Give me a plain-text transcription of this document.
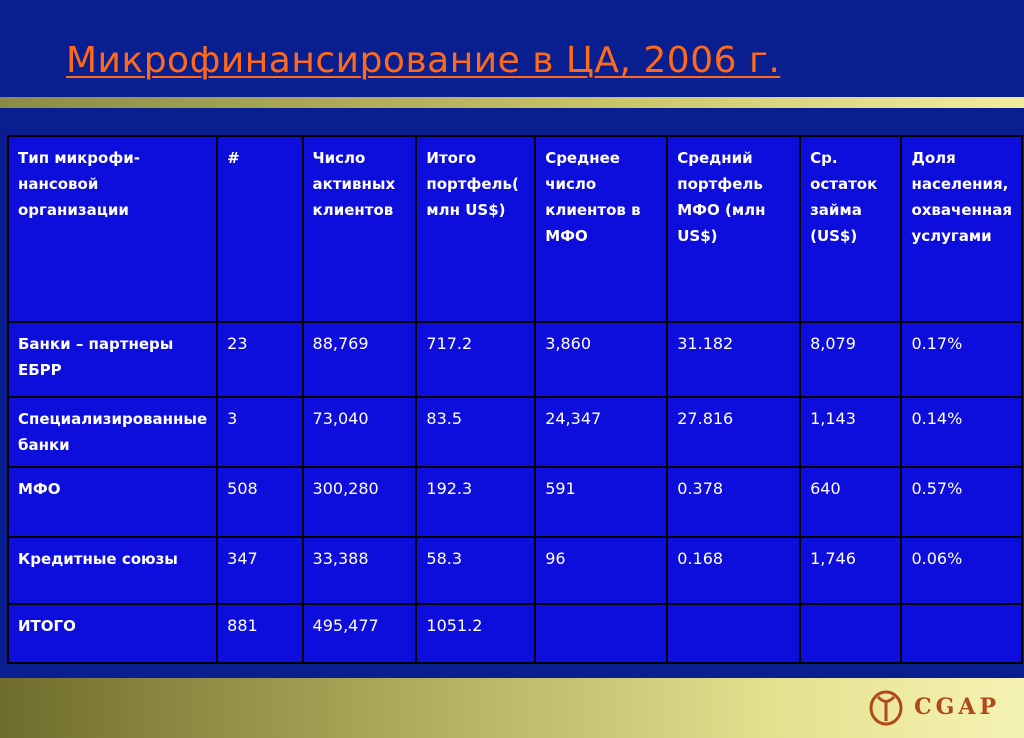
Микрофинансирование в ЦА, 2006 г.
Тип микрофи-нансовой организации	#	Число активных клиентов	Итого портфель( млн US$)	Среднее число клиентов в МФО	Средний портфель МФО (млн US$)	Ср. остаток займа (US$)	Доля населения, охваченная услугами
Банки – партнеры ЕБРР	23	88,769	717.2	3,860	31.182	8,079	0.17%
Специализированные банки	3	73,040	83.5	24,347	27.816	1,143	0.14%
МФО	508	300,280	192.3	591	0.378	640	0.57%
Кредитные союзы	347	33,388	58.3	96	0.168	1,746	0.06%
ИТОГО	881	495,477	1051.2				
CGAP
